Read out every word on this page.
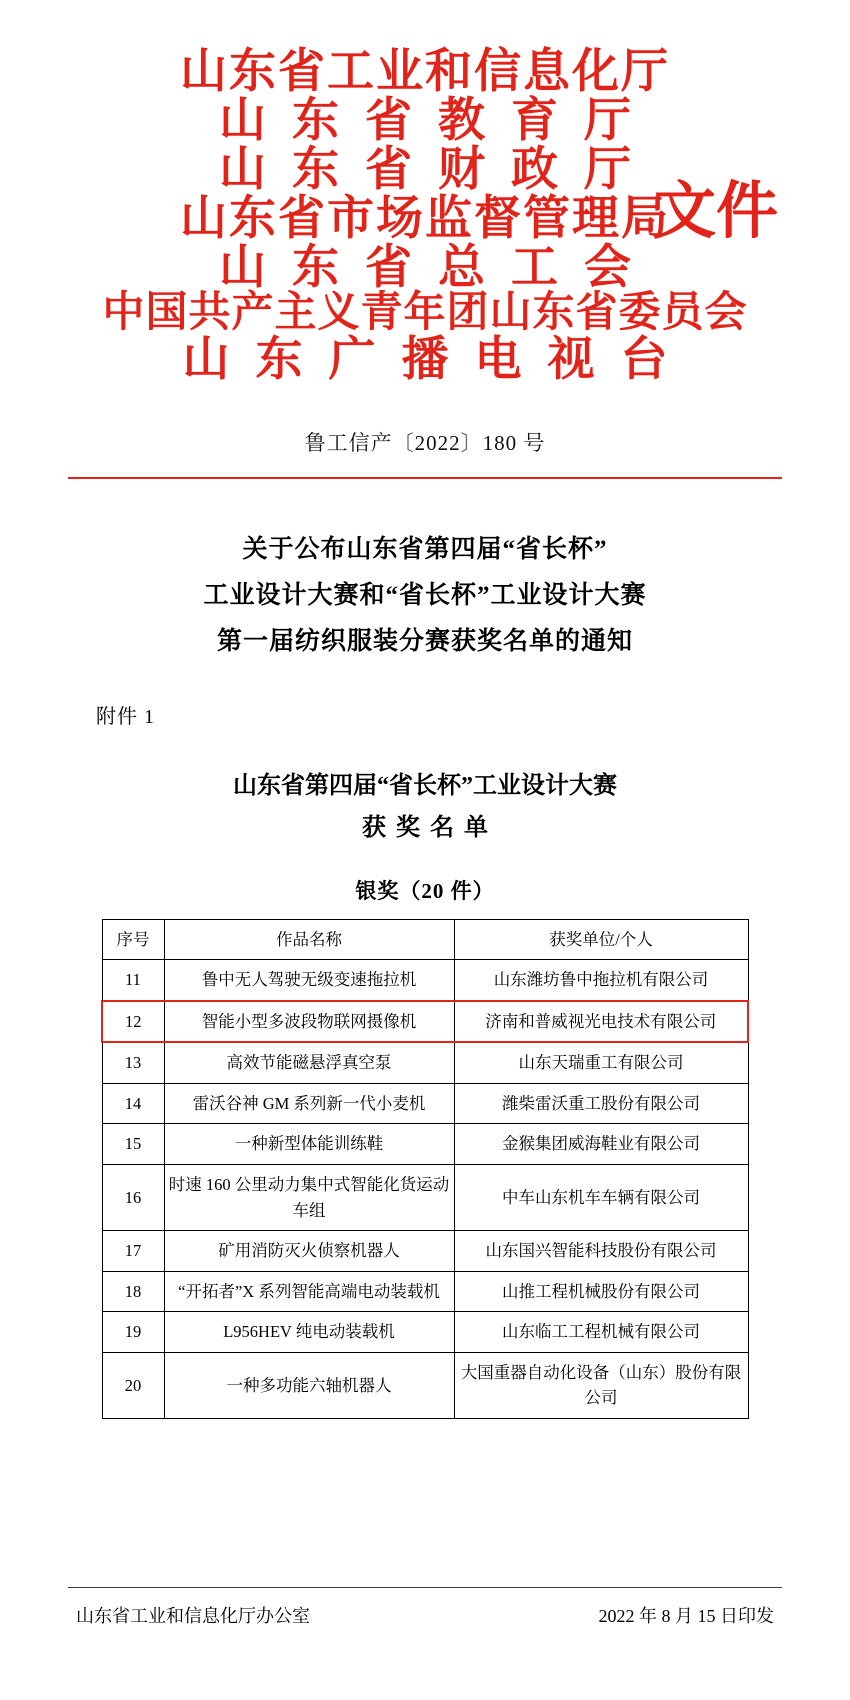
山东省工业和信息化厅
山东省教育厅
山东省财政厅
山东省市场监督管理局
文件
山东省总工会
中国共产主义青年团山东省委员会
山东广播电视台
鲁工信产〔2022〕180 号
关于公布山东省第四届“省长杯”
工业设计大赛和“省长杯”工业设计大赛
第一届纺织服装分赛获奖名单的通知
附件 1
山东省第四届“省长杯”工业设计大赛
获奖名单
银奖（20 件）
序号	作品名称	获奖单位/个人
11	鲁中无人驾驶无级变速拖拉机	山东潍坊鲁中拖拉机有限公司
12	智能小型多波段物联网摄像机	济南和普威视光电技术有限公司
13	高效节能磁悬浮真空泵	山东天瑞重工有限公司
14	雷沃谷神 GM 系列新一代小麦机	潍柴雷沃重工股份有限公司
15	一种新型体能训练鞋	金猴集团威海鞋业有限公司
16	时速 160 公里动力集中式智能化货运动车组	中车山东机车车辆有限公司
17	矿用消防灭火侦察机器人	山东国兴智能科技股份有限公司
18	“开拓者”X 系列智能高端电动装载机	山推工程机械股份有限公司
19	L956HEV 纯电动装载机	山东临工工程机械有限公司
20	一种多功能六轴机器人	大国重器自动化设备（山东）股份有限公司
山东省工业和信息化厅办公室	2022 年 8 月 15 日印发
